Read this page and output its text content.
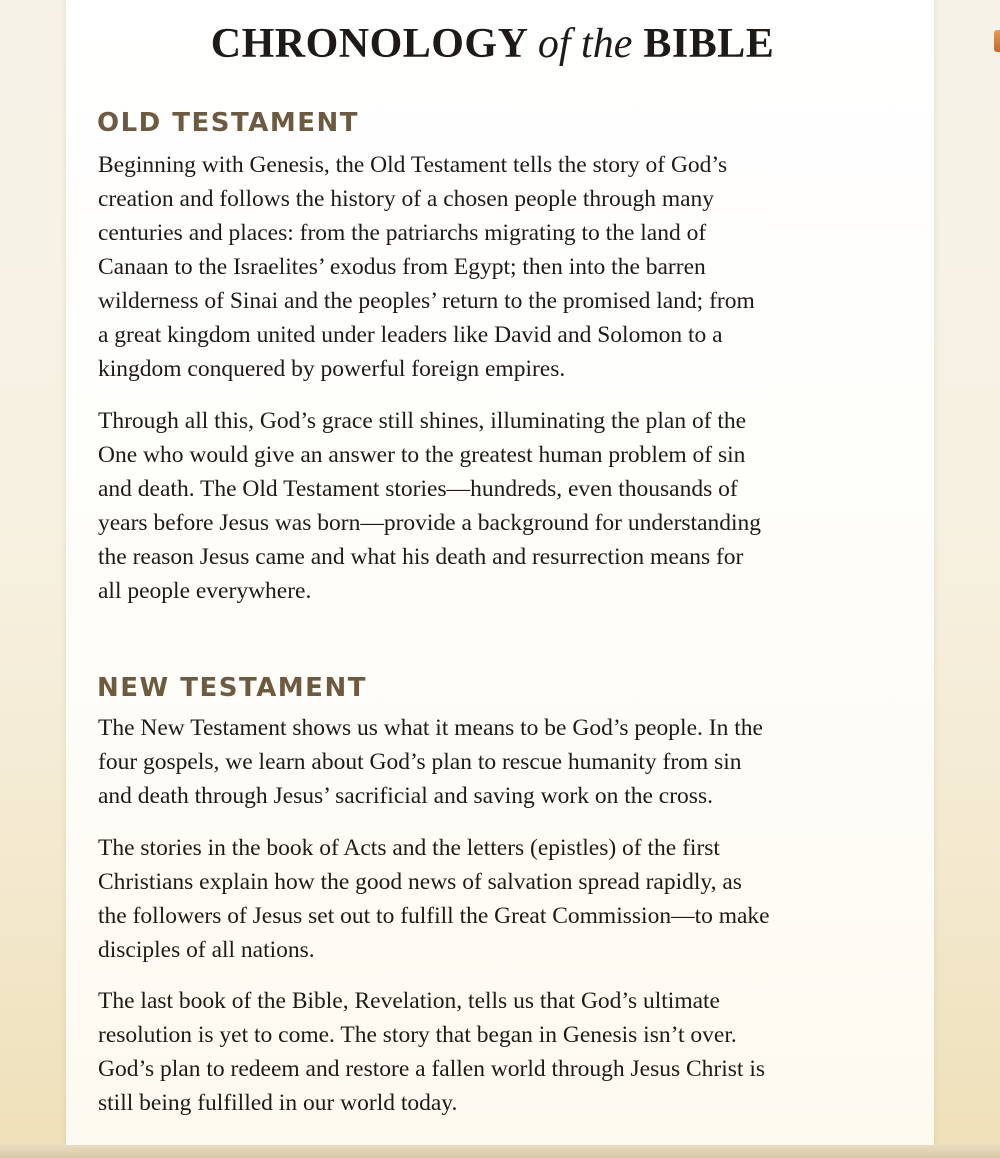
CHRONOLOGY of the BIBLE
OLD TESTAMENT

Beginning with Genesis, the Old Testament tells the story of God’s
creation and follows the history of a chosen people through many
centuries and places: from the patriarchs migrating to the land of
Canaan to the Israelites’ exodus from Egypt; then into the barren
wilderness of Sinai and the peoples’ return to the promised land; from
a great kingdom united under leaders like David and Solomon to a
kingdom conquered by powerful foreign empires.

Through all this, God’s grace still shines, illuminating the plan of the
One who would give an answer to the greatest human problem of sin
and death. The Old Testament stories—hundreds, even thousands of
years before Jesus was born—provide a background for understanding
the reason Jesus came and what his death and resurrection means for
all people everywhere.

NEW TESTAMENT

The New Testament shows us what it means to be God’s people. In the
four gospels, we learn about God’s plan to rescue humanity from sin
and death through Jesus’ sacrificial and saving work on the cross.

The stories in the book of Acts and the letters (epistles) of the first
Christians explain how the good news of salvation spread rapidly, as
the followers of Jesus set out to fulfill the Great Commission—to make
disciples of all nations.

The last book of the Bible, Revelation, tells us that God’s ultimate
resolution is yet to come. The story that began in Genesis isn’t over.
God’s plan to redeem and restore a fallen world through Jesus Christ is
still being fulfilled in our world today.
